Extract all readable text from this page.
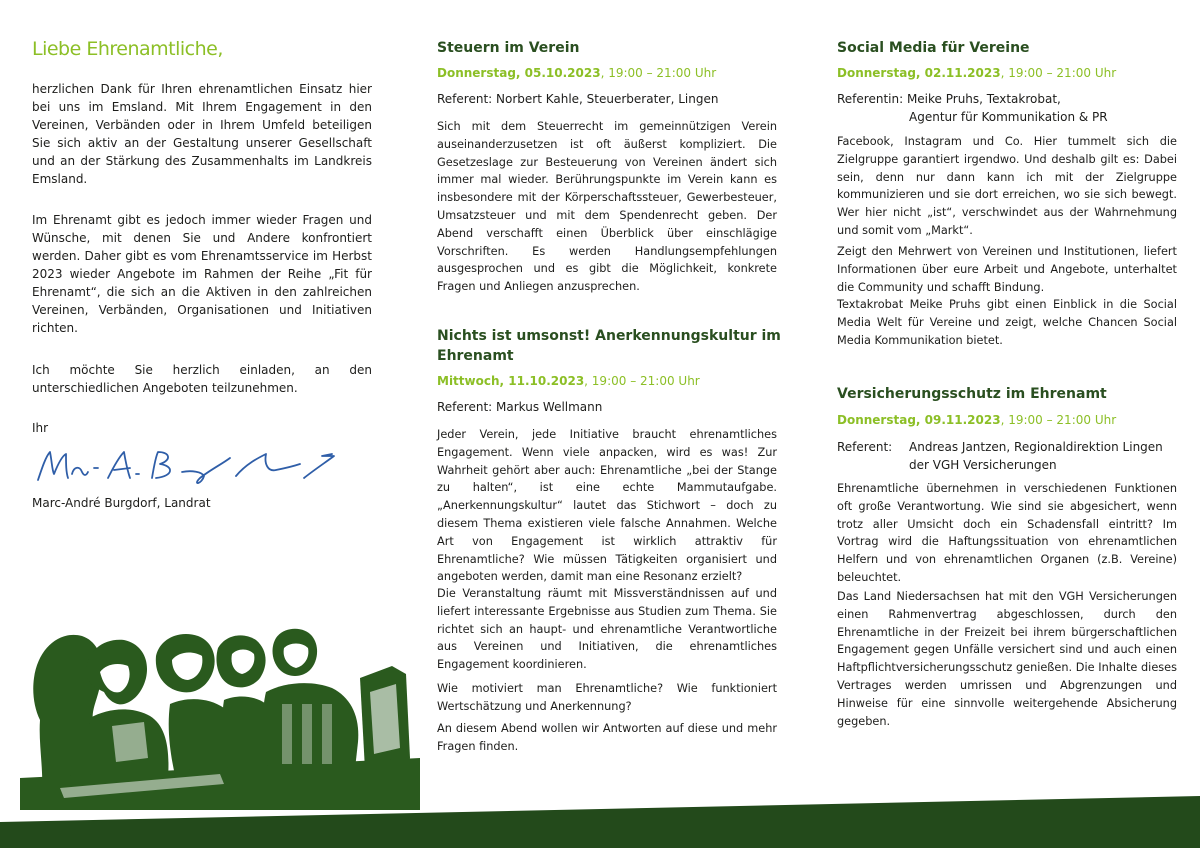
Liebe Ehrenamtliche,

herzlichen Dank für Ihren ehrenamtlichen Einsatz hier bei uns im Emsland. Mit Ihrem Engagement in den Vereinen, Verbänden oder in Ihrem Umfeld beteiligen Sie sich aktiv an der Gestaltung unserer Gesellschaft und an der Stärkung des Zusammenhalts im Landkreis Emsland.

Im Ehrenamt gibt es jedoch immer wieder Fragen und Wünsche, mit denen Sie und Andere konfrontiert werden. Daher gibt es vom Ehrenamtsservice im Herbst 2023 wieder Angebote im Rahmen der Reihe „Fit für Ehrenamt“, die sich an die Aktiven in den zahlreichen Vereinen, Verbänden, Organisationen und Initiativen richten.

Ich möchte Sie herzlich einladen, an den unterschiedlichen Angeboten teilzunehmen.

Ihr

Marc-André Burgdorf, Landrat

Steuern im Verein
Donnerstag, 05.10.2023, 19:00 – 21:00 Uhr

Referent: Norbert Kahle, Steuerberater, Lingen

Sich mit dem Steuerrecht im gemeinnützigen Verein auseinanderzusetzen ist oft äußerst kompliziert. Die Gesetzeslage zur Besteuerung von Vereinen ändert sich immer mal wieder. Berührungspunkte im Verein kann es insbesondere mit der Körperschaftssteuer, Gewerbesteuer, Umsatzsteuer und mit dem Spendenrecht geben. Der Abend verschafft einen Überblick über einschlägige Vorschriften. Es werden Handlungsempfehlungen ausgesprochen und es gibt die Möglichkeit, konkrete Fragen und Anliegen anzusprechen.

Nichts ist umsonst! Anerkennungskultur im Ehrenamt
Mittwoch, 11.10.2023, 19:00 – 21:00 Uhr

Referent: Markus Wellmann

Jeder Verein, jede Initiative braucht ehrenamtliches Engagement. Wenn viele anpacken, wird es was! Zur Wahrheit gehört aber auch: Ehrenamtliche „bei der Stange zu halten“, ist eine echte Mammutaufgabe. „Anerkennungskultur“ lautet das Stichwort – doch zu diesem Thema existieren viele falsche Annahmen. Welche Art von Engagement ist wirklich attraktiv für Ehrenamtliche? Wie müssen Tätigkeiten organisiert und angeboten werden, damit man eine Resonanz erzielt?

Die Veranstaltung räumt mit Missverständnissen auf und liefert interessante Ergebnisse aus Studien zum Thema. Sie richtet sich an haupt- und ehrenamtliche Verantwortliche aus Vereinen und Initiativen, die ehrenamtliches Engagement koordinieren.

Wie motiviert man Ehrenamtliche? Wie funktioniert Wertschätzung und Anerkennung?

An diesem Abend wollen wir Antworten auf diese und mehr Fragen finden.

Social Media für Vereine
Donnerstag, 02.11.2023, 19:00 – 21:00 Uhr

Referentin: Meike Pruhs, Textakrobat,

Agentur für Kommunikation & PR

Facebook, Instagram und Co. Hier tummelt sich die Zielgruppe garantiert irgendwo. Und deshalb gilt es: Dabei sein, denn nur dann kann ich mit der Zielgruppe kommunizieren und sie dort erreichen, wo sie sich bewegt. Wer hier nicht „ist“, verschwindet aus der Wahrnehmung und somit vom „Markt“.

Zeigt den Mehrwert von Vereinen und Institutionen, liefert Informationen über eure Arbeit und Angebote, unterhaltet die Community und schafft Bindung.

Textakrobat Meike Pruhs gibt einen Einblick in die Social Media Welt für Vereine und zeigt, welche Chancen Social Media Kommunikation bietet.

Versicherungsschutz im Ehrenamt
Donnerstag, 09.11.2023, 19:00 – 21:00 Uhr

Referent:	Andreas Jantzen, Regionaldirektion Lingen der VGH Versicherungen

Ehrenamtliche übernehmen in verschiedenen Funktionen oft große Verantwortung. Wie sind sie abgesichert, wenn trotz aller Umsicht doch ein Schadensfall eintritt? Im Vortrag wird die Haftungssituation von ehrenamtlichen Helfern und von ehrenamtlichen Organen (z.B. Vereine) beleuchtet.

Das Land Niedersachsen hat mit den VGH Versicherungen einen Rahmenvertrag abgeschlossen, durch den Ehrenamtliche in der Freizeit bei ihrem bürgerschaftlichen Engagement gegen Unfälle versichert sind und auch einen Haftpflichtversicherungsschutz genießen. Die Inhalte dieses Vertrages werden umrissen und Abgrenzungen und Hinweise für eine sinnvolle weitergehende Absicherung gegeben.
